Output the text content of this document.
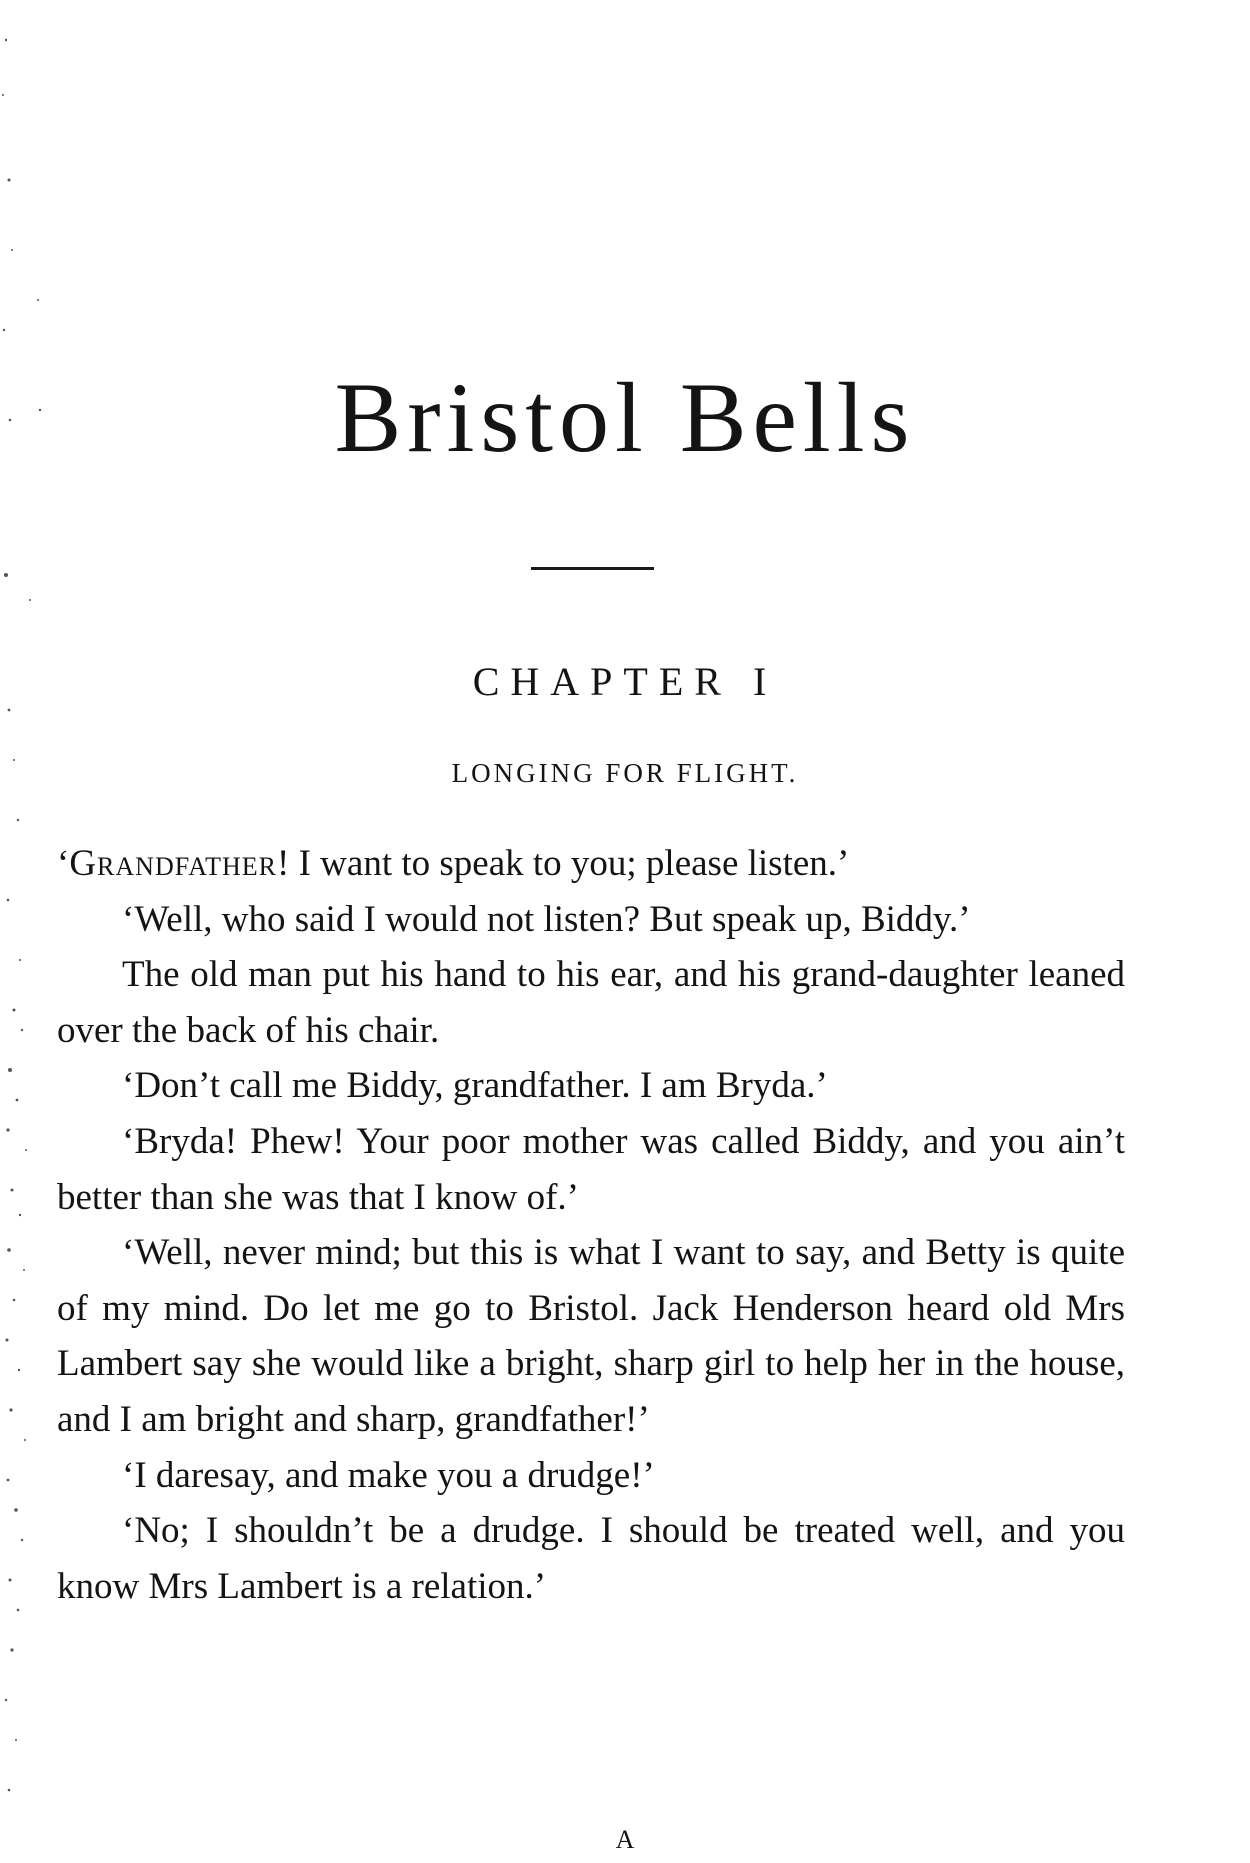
Bristol Bells
CHAPTER I
LONGING FOR FLIGHT.

‘Grandfather! I want to speak to you; please listen.’

‘Well, who said I would not listen? But speak up, Biddy.’

The old man put his hand to his ear, and his grand-daughter leaned over the back of his chair.

‘Don’t call me Biddy, grandfather. I am Bryda.’

‘Bryda! Phew! Your poor mother was called Biddy, and you ain’t better than she was that I know of.’

‘Well, never mind; but this is what I want to say, and Betty is quite of my mind. Do let me go to Bristol. Jack Henderson heard old Mrs Lambert say she would like a bright, sharp girl to help her in the house, and I am bright and sharp, grandfather!’

‘I daresay, and make you a drudge!’

‘No; I shouldn’t be a drudge. I should be treated well, and you know Mrs Lambert is a relation.’

A
